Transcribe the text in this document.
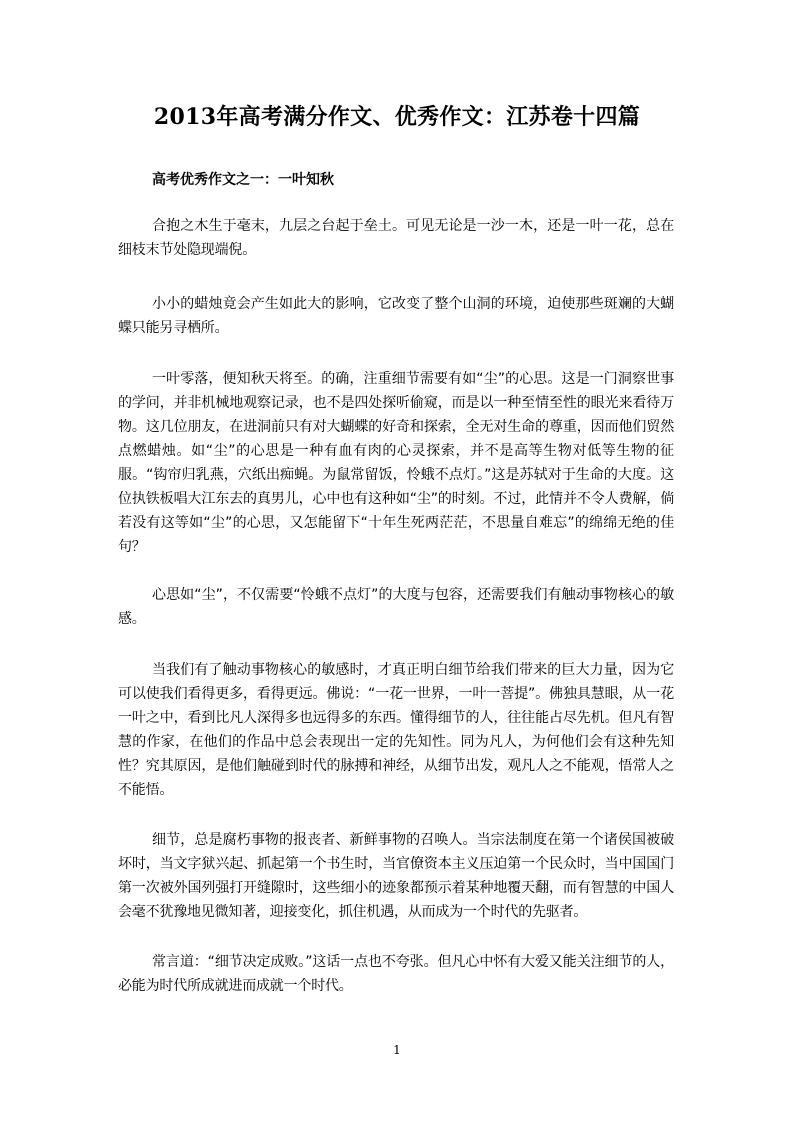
2013年高考满分作文、优秀作文：江苏卷十四篇

高考优秀作文之一：一叶知秋

合抱之木生于毫末，九层之台起于垒土。可见无论是一沙一木，还是一叶一花，总在细枝末节处隐现端倪。

小小的蜡烛竟会产生如此大的影响，它改变了整个山洞的环境，迫使那些斑斓的大蝴蝶只能另寻栖所。

一叶零落，便知秋天将至。的确，注重细节需要有如“尘”的心思。这是一门洞察世事的学问，并非机械地观察记录，也不是四处探听偷窥，而是以一种至情至性的眼光来看待万物。这几位朋友，在进洞前只有对大蝴蝶的好奇和探索，全无对生命的尊重，因而他们贸然点燃蜡烛。如“尘”的心思是一种有血有肉的心灵探索，并不是高等生物对低等生物的征服。“钩帘归乳燕，穴纸出痴蝇。为鼠常留饭，怜蛾不点灯。”这是苏轼对于生命的大度。这位执铁板唱大江东去的真男儿，心中也有这种如“尘”的时刻。不过，此情并不令人费解，倘若没有这等如“尘”的心思，又怎能留下“十年生死两茫茫，不思量自难忘”的绵绵无绝的佳句？

心思如“尘”，不仅需要“怜蛾不点灯”的大度与包容，还需要我们有触动事物核心的敏感。

当我们有了触动事物核心的敏感时，才真正明白细节给我们带来的巨大力量，因为它可以使我们看得更多，看得更远。佛说：“一花一世界，一叶一菩提”。佛独具慧眼，从一花一叶之中，看到比凡人深得多也远得多的东西。懂得细节的人，往往能占尽先机。但凡有智慧的作家，在他们的作品中总会表现出一定的先知性。同为凡人，为何他们会有这种先知性？究其原因，是他们触碰到时代的脉搏和神经，从细节出发，观凡人之不能观，悟常人之不能悟。

细节，总是腐朽事物的报丧者、新鲜事物的召唤人。当宗法制度在第一个诸侯国被破坏时，当文字狱兴起、抓起第一个书生时，当官僚资本主义压迫第一个民众时，当中国国门第一次被外国列强打开缝隙时，这些细小的迹象都预示着某种地覆天翻，而有智慧的中国人会毫不犹豫地见微知著，迎接变化，抓住机遇，从而成为一个时代的先驱者。

常言道：“细节决定成败。”这话一点也不夸张。但凡心中怀有大爱又能关注细节的人，必能为时代所成就进而成就一个时代。

1
